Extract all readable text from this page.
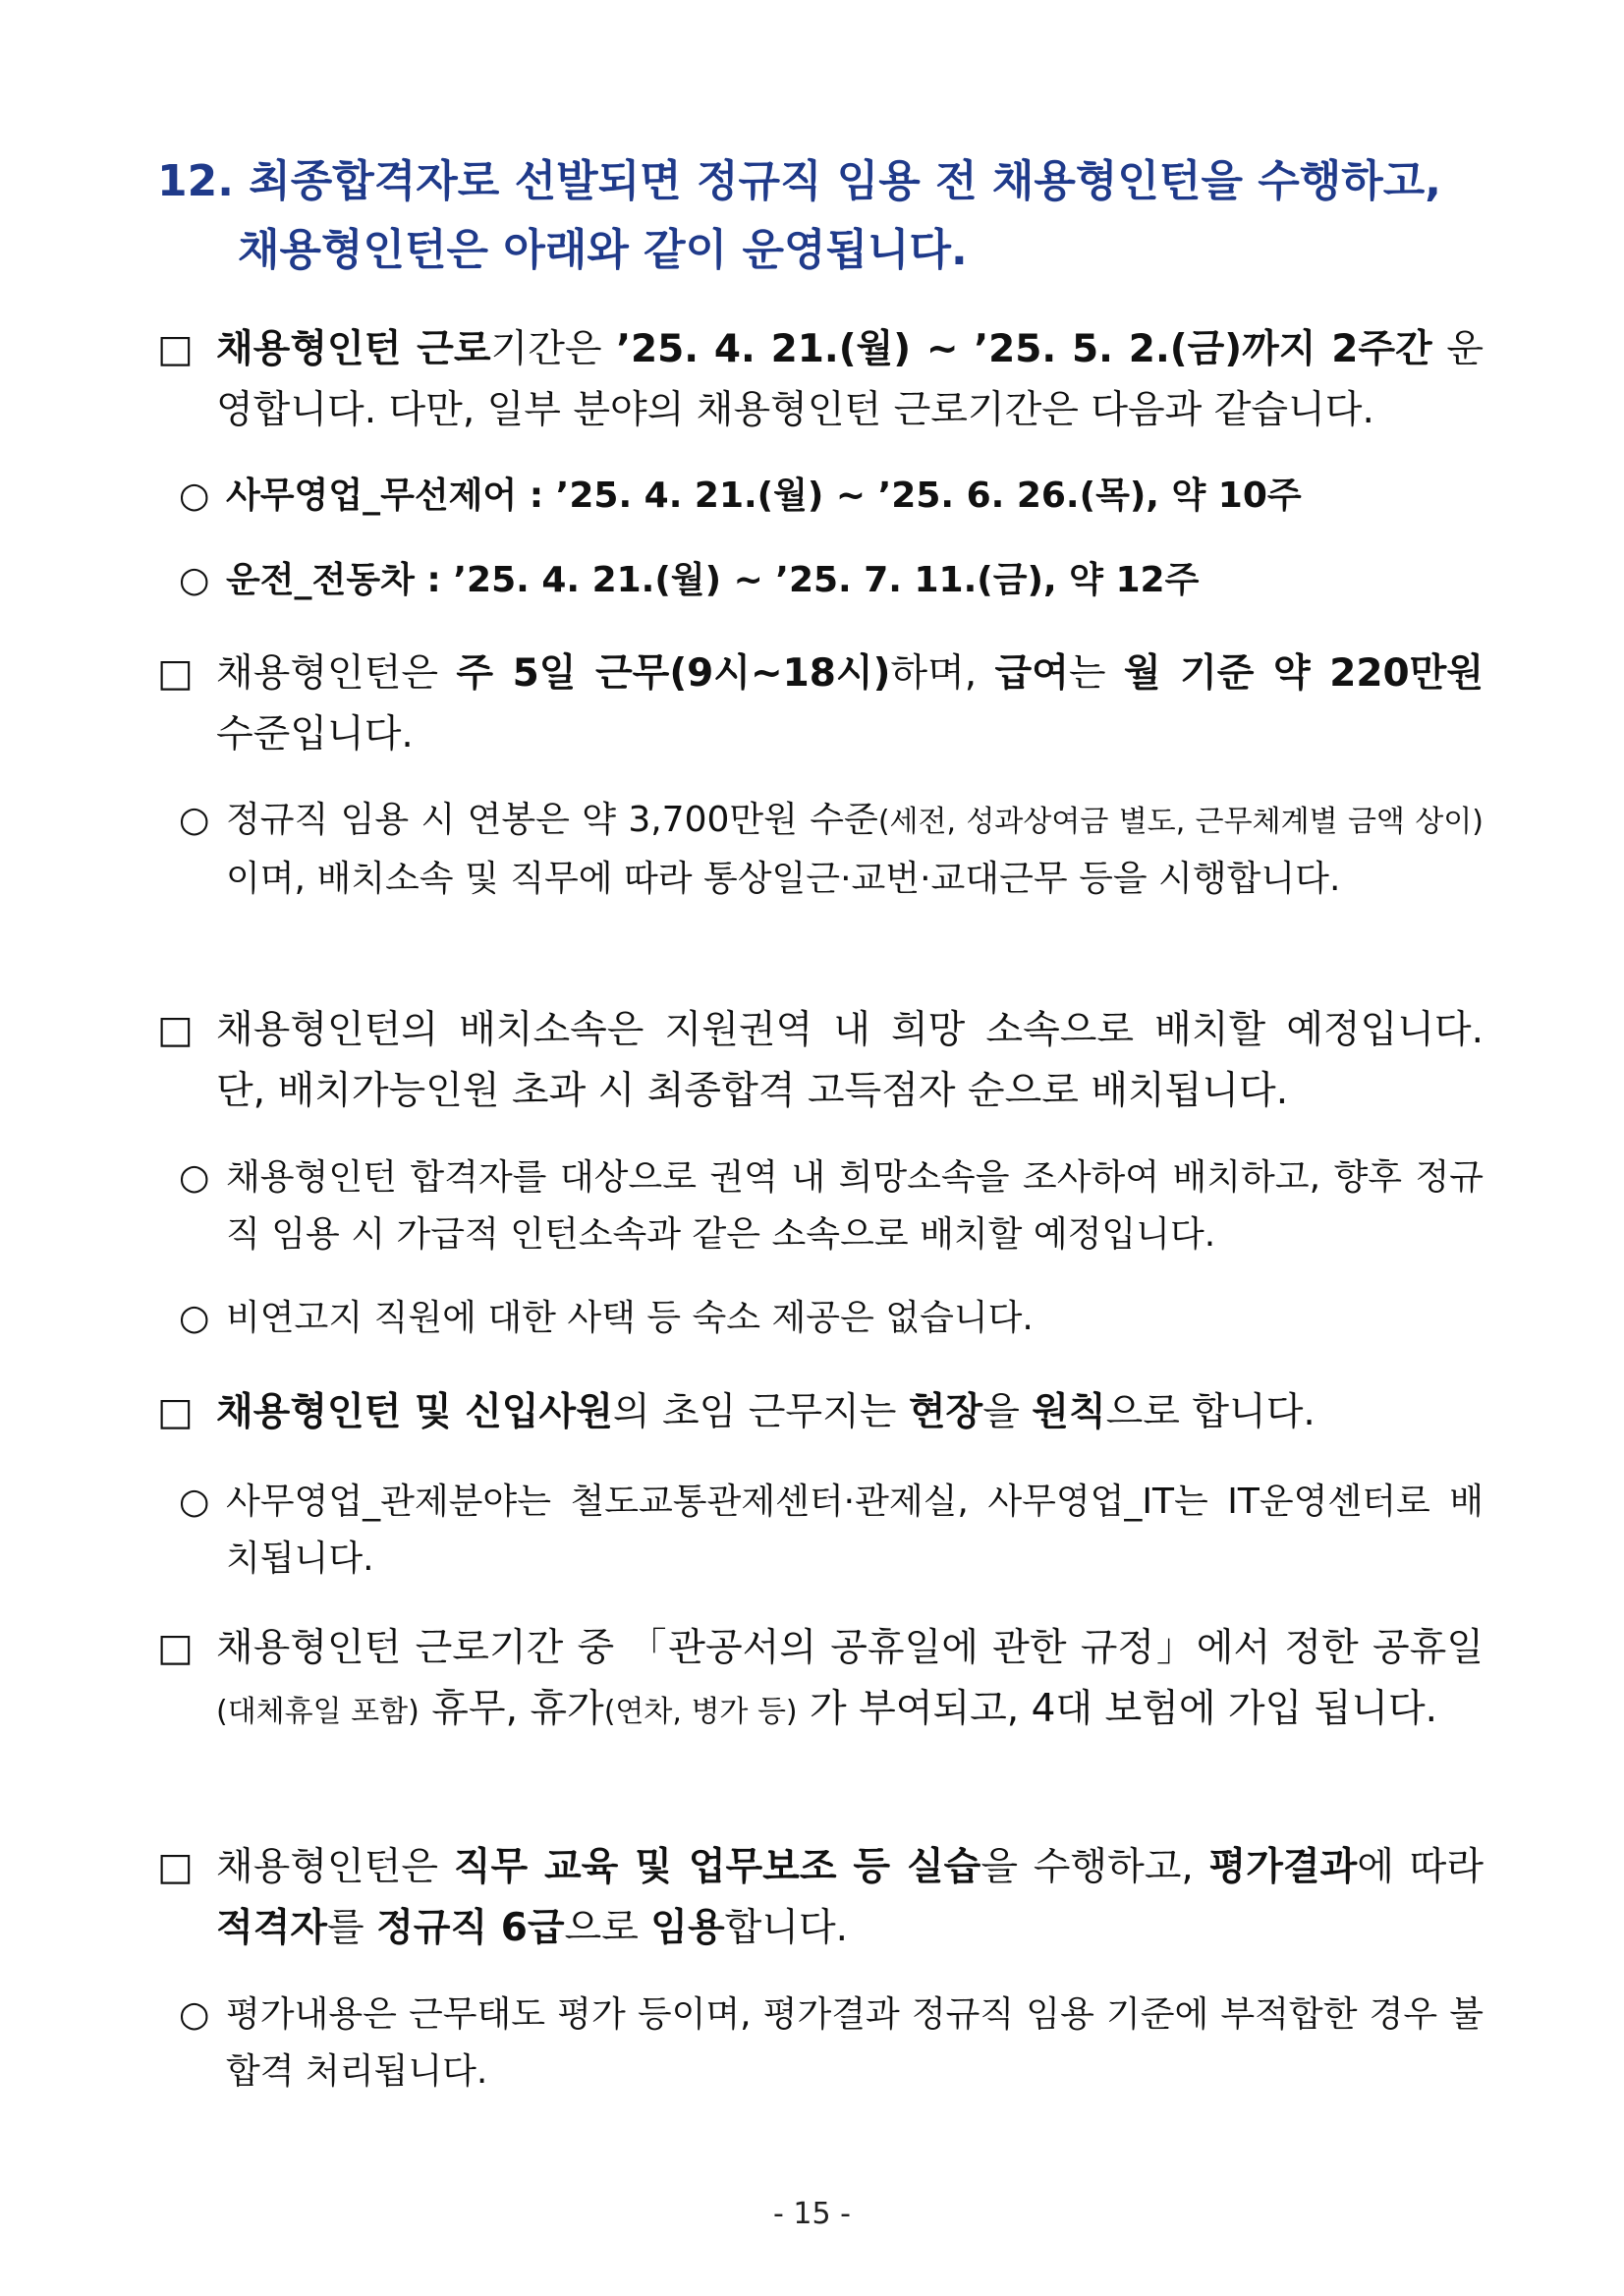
12. 최종합격자로 선발되면 정규직 임용 전 채용형인턴을 수행하고,
채용형인턴은 아래와 같이 운영됩니다.
□ 채용형인턴 근로기간은 ’25. 4. 21.(월) ~ ’25. 5. 2.(금)까지 2주간 운영합니다. 다만, 일부 분야의 채용형인턴 근로기간은 다음과 같습니다.
○ 사무영업_무선제어 : ’25. 4. 21.(월) ~ ’25. 6. 26.(목), 약 10주
○ 운전_전동차 : ’25. 4. 21.(월) ~ ’25. 7. 11.(금), 약 12주
□ 채용형인턴은 주 5일 근무(9시~18시)하며, 급여는 월 기준 약 220만원 수준입니다.
○ 정규직 임용 시 연봉은 약 3,700만원 수준(세전, 성과상여금 별도, 근무체계별 금액 상이)이며, 배치소속 및 직무에 따라 통상일근·교번·교대근무 등을 시행합니다.
□ 채용형인턴의 배치소속은 지원권역 내 희망 소속으로 배치할 예정입니다. 단, 배치가능인원 초과 시 최종합격 고득점자 순으로 배치됩니다.
○ 채용형인턴 합격자를 대상으로 권역 내 희망소속을 조사하여 배치하고, 향후 정규직 임용 시 가급적 인턴소속과 같은 소속으로 배치할 예정입니다.
○ 비연고지 직원에 대한 사택 등 숙소 제공은 없습니다.
□ 채용형인턴 및 신입사원의 초임 근무지는 현장을 원칙으로 합니다.
○ 사무영업_관제분야는 철도교통관제센터·관제실, 사무영업_IT는 IT운영센터로 배치됩니다.
□ 채용형인턴 근로기간 중 「관공서의 공휴일에 관한 규정」에서 정한 공휴일(대체휴일 포함) 휴무, 휴가(연차, 병가 등) 가 부여되고, 4대 보험에 가입 됩니다.
□ 채용형인턴은 직무 교육 및 업무보조 등 실습을 수행하고, 평가결과에 따라 적격자를 정규직 6급으로 임용합니다.
○ 평가내용은 근무태도 평가 등이며, 평가결과 정규직 임용 기준에 부적합한 경우 불합격 처리됩니다.
- 15 -
